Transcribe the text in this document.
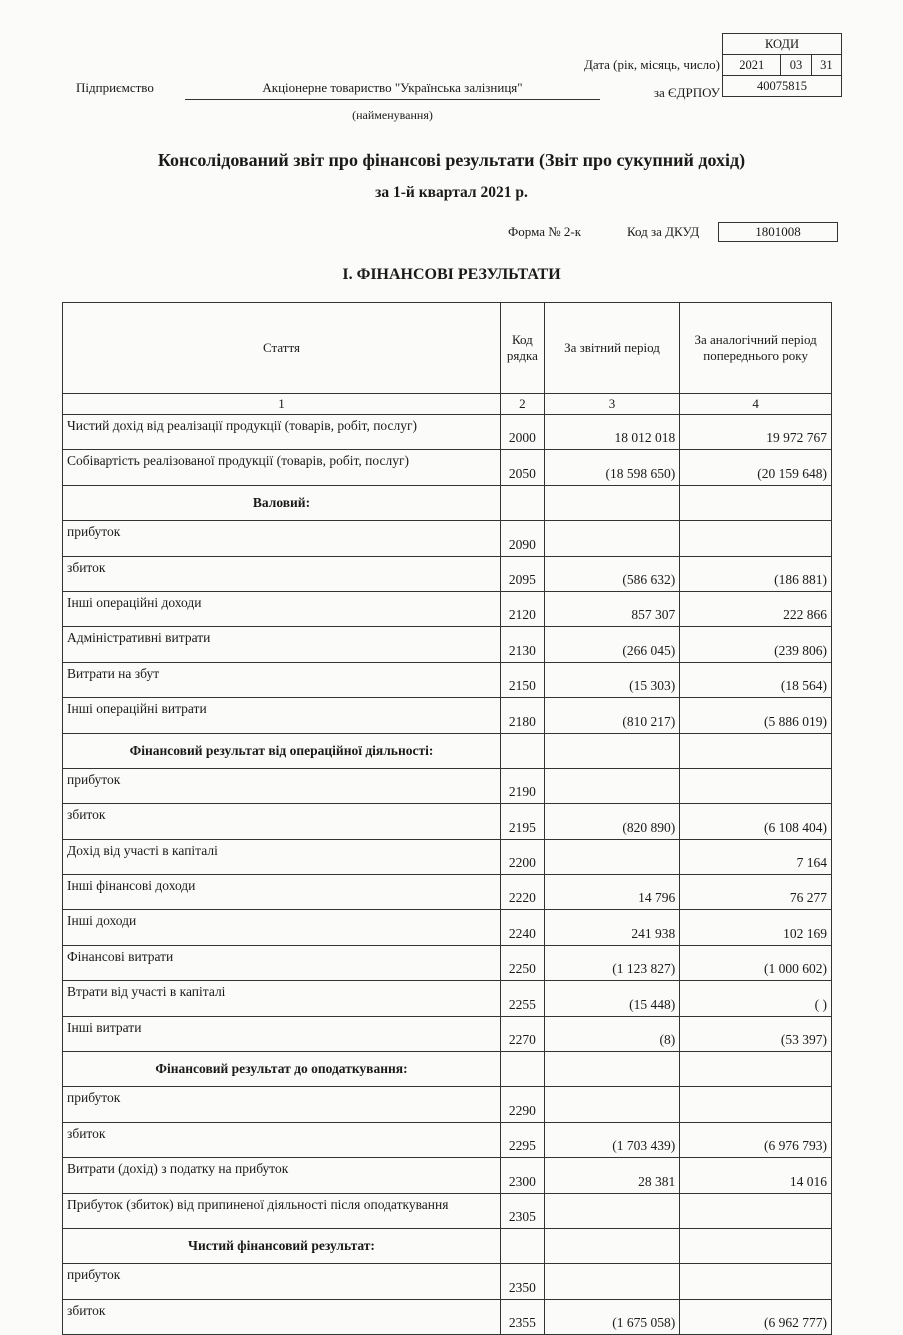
КОДИ
2021	03	31
40075815
Дата (рік, місяць, число)
за ЄДРПОУ
Підприємство	Акціонерне товариство "Українська залізниця"
(найменування)
Консолідований звіт про фінансові результати (Звіт про сукупний дохід)
за 1-й квартал 2021 р.
Форма № 2-к	Код за ДКУД	1801008
І. ФІНАНСОВІ РЕЗУЛЬТАТИ
Стаття	Код рядка	За звітний період	За аналогічний період попереднього року
1	2	3	4
Чистий дохід від реалізації продукції (товарів, робіт, послуг)	2000	18 012 018	19 972 767
Собівартість реалізованої продукції (товарів, робіт, послуг)	2050	(18 598 650)	(20 159 648)
Валовий:			
прибуток	2090		
збиток	2095	(586 632)	(186 881)
Інші операційні доходи	2120	857 307	222 866
Адміністративні витрати	2130	(266 045)	(239 806)
Витрати на збут	2150	(15 303)	(18 564)
Інші операційні витрати	2180	(810 217)	(5 886 019)
Фінансовий результат від операційної діяльності:			
прибуток	2190		
збиток	2195	(820 890)	(6 108 404)
Дохід від участі в капіталі	2200		7 164
Інші фінансові доходи	2220	14 796	76 277
Інші доходи	2240	241 938	102 169
Фінансові витрати	2250	(1 123 827)	(1 000 602)
Втрати від участі в капіталі	2255	(15 448)	( )
Інші витрати	2270	(8)	(53 397)
Фінансовий результат до оподаткування:			
прибуток	2290		
збиток	2295	(1 703 439)	(6 976 793)
Витрати (дохід) з податку на прибуток	2300	28 381	14 016
Прибуток (збиток) від припиненої діяльності після оподаткування	2305		
Чистий фінансовий результат:			
прибуток	2350		
збиток	2355	(1 675 058)	(6 962 777)
